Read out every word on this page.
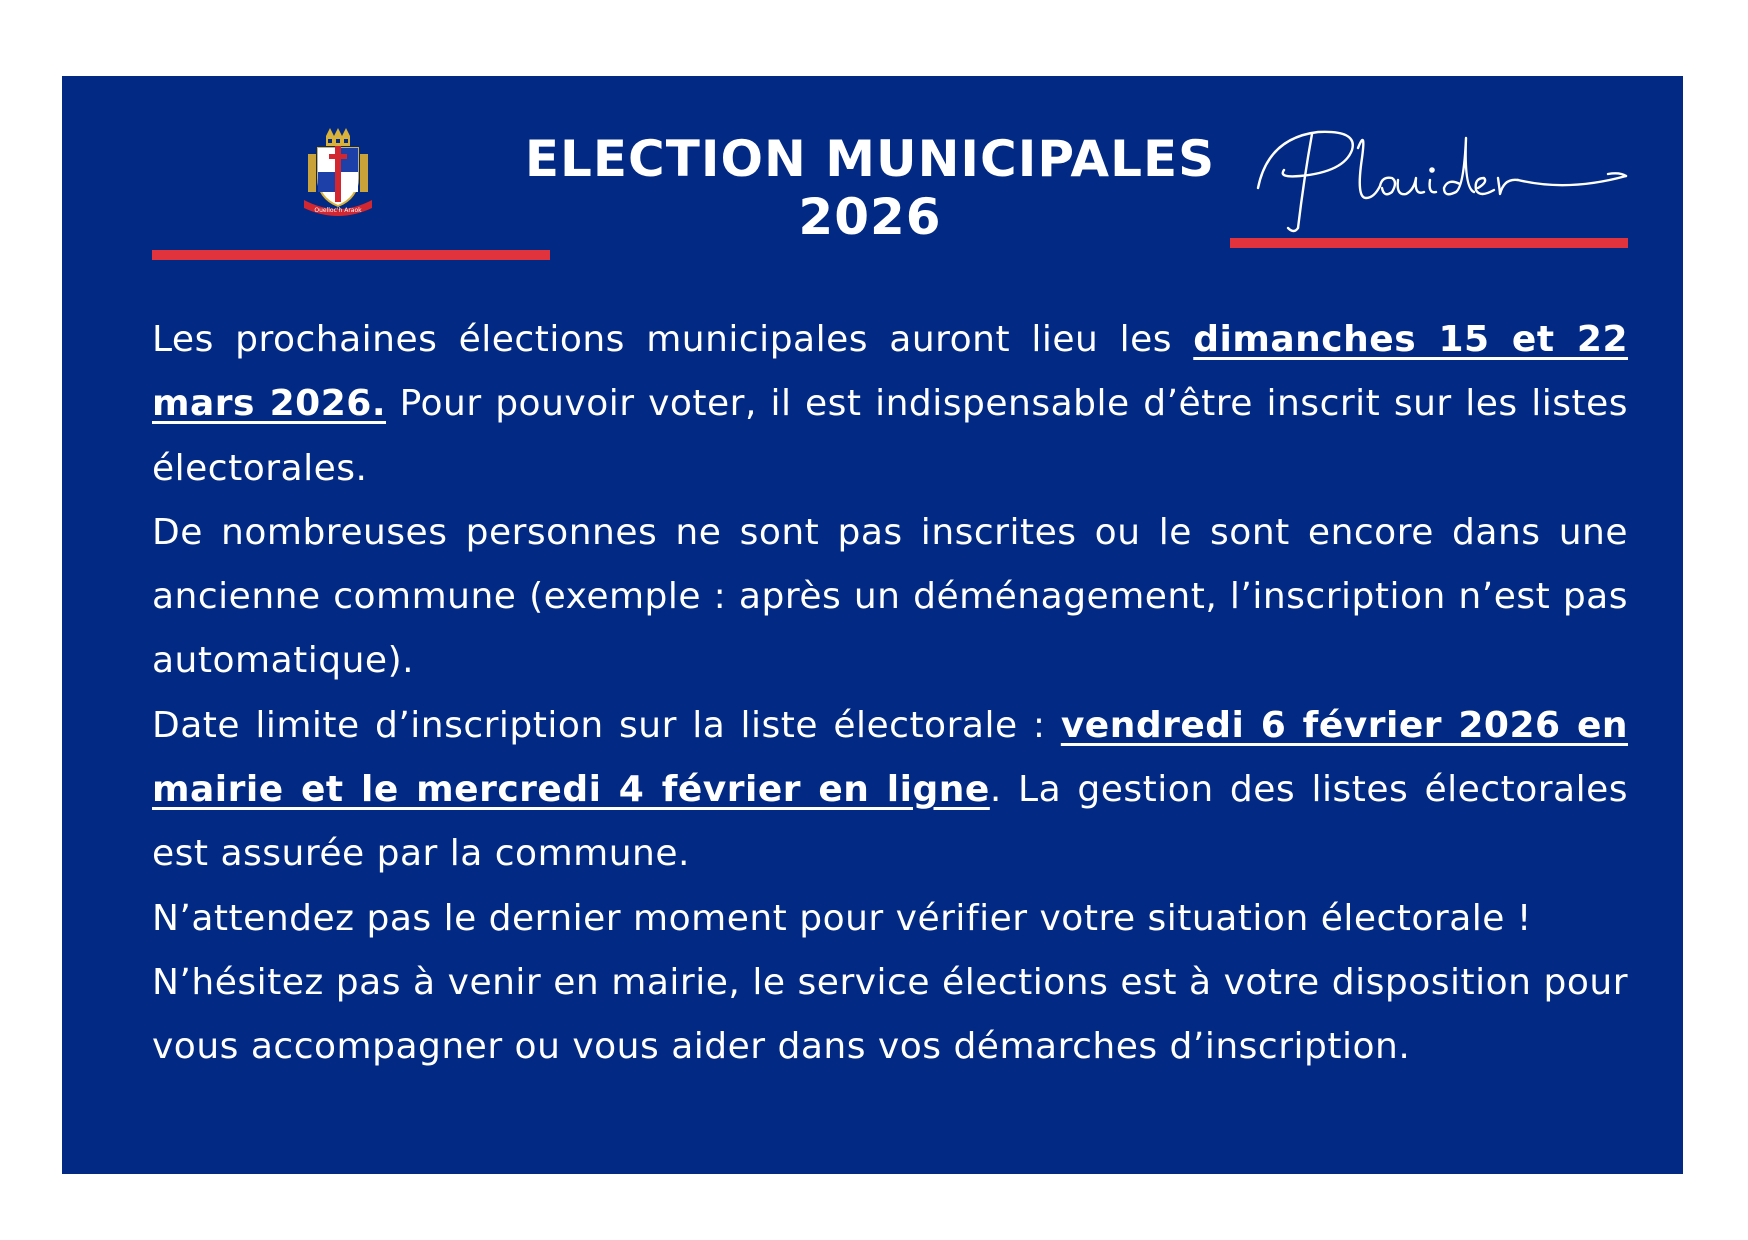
Ouelloc'h Araok
ELECTION MUNICIPALES
2026

Les prochaines élections municipales auront lieu les dimanches 15 et 22 mars 2026. Pour pouvoir voter, il est indispensable d’être inscrit sur les listes électorales.

De nombreuses personnes ne sont pas inscrites ou le sont encore dans une ancienne commune (exemple : après un déménagement, l’inscription n’est pas automatique).

Date limite d’inscription sur la liste électorale : vendredi 6 février 2026 en mairie et le mercredi 4 février en ligne. La gestion des listes électorales est assurée par la commune.

N’attendez pas le dernier moment pour vérifier votre situation électorale !

N’hésitez pas à venir en mairie, le service élections est à votre disposition pour vous accompagner ou vous aider dans vos démarches d’inscription.
